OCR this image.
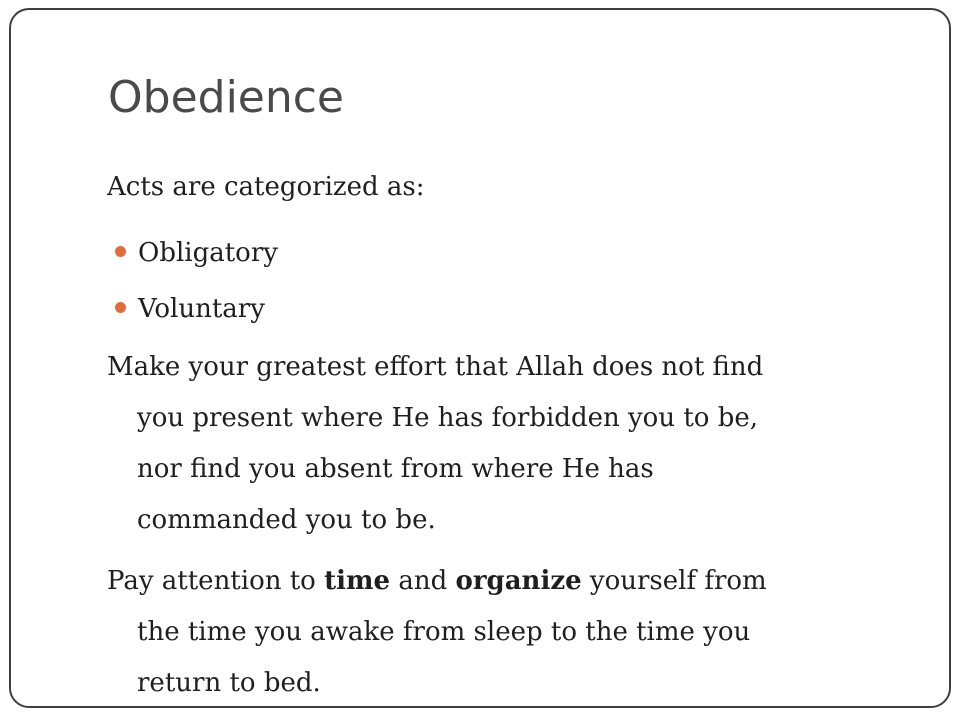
Obedience
Acts are categorized as:
Obligatory
Voluntary
Make your greatest effort that Allah does not find
you present where He has forbidden you to be,
nor find you absent from where He has
commanded you to be.
Pay attention to time and organize yourself from
the time you awake from sleep to the time you
return to bed.
